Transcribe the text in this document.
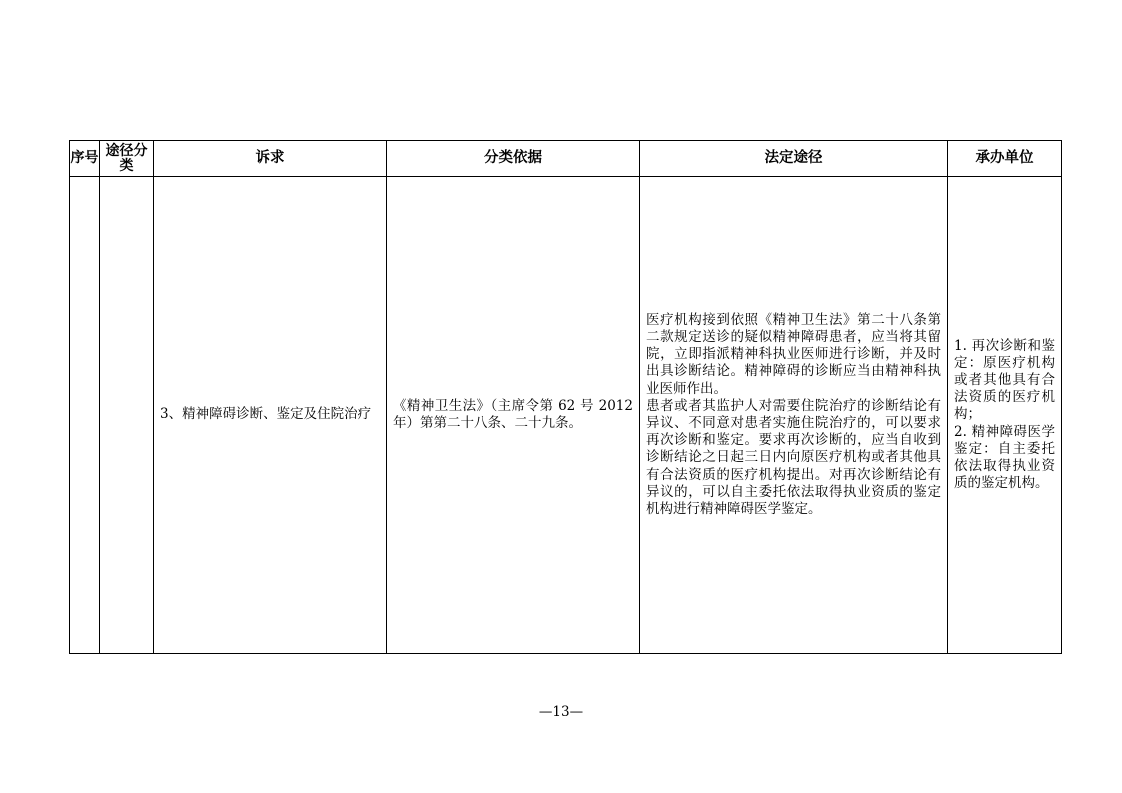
序号	途径分类	诉求	分类依据	法定途径	承办单位

		3、精神障碍诊断、鉴定及住院治疗	《精神卫生法》（主席令第 62 号 2012 年）第第二十八条、二十九条。	医疗机构接到依照《精神卫生法》第二十八条第二款规定送诊的疑似精神障碍患者，应当将其留院，立即指派精神科执业医师进行诊断，并及时出具诊断结论。精神障碍的诊断应当由精神科执业医师作出。
患者或者其监护人对需要住院治疗的诊断结论有异议、不同意对患者实施住院治疗的，可以要求再次诊断和鉴定。要求再次诊断的，应当自收到诊断结论之日起三日内向原医疗机构或者其他具有合法资质的医疗机构提出。对再次诊断结论有异议的，可以自主委托依法取得执业资质的鉴定机构进行精神障碍医学鉴定。	1. 再次诊断和鉴定：原医疗机构或者其他具有合法资质的医疗机构；
2. 精神障碍医学鉴定：自主委托依法取得执业资质的鉴定机构。
—13—
